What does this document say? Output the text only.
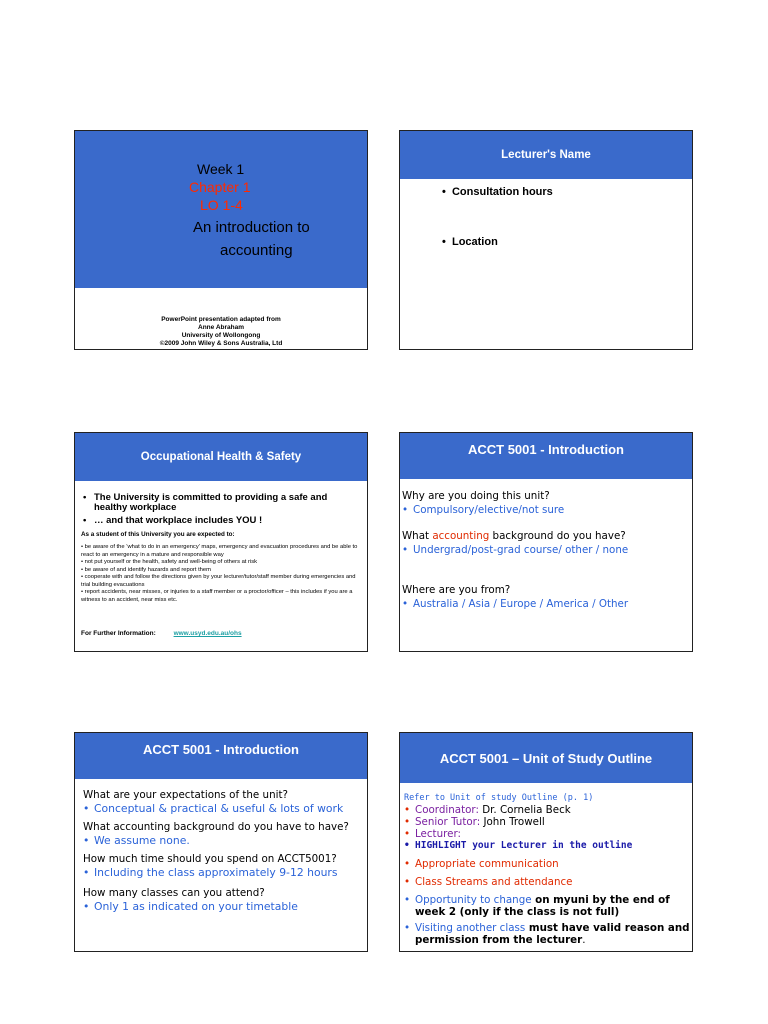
Week 1
Chapter 1
LO 1-4
An introduction to
accounting
PowerPoint presentation adapted from
Anne Abraham
University of Wollongong
©2009 John Wiley & Sons Australia, Ltd
Lecturer's Name
•  Consultation hours
•  Location
Occupational Health & Safety
• The University is committed to providing a safe and healthy workplace
• … and that workplace includes YOU !
As a student of this University you are expected to:
• be aware of the ‘what to do in an emergency’ maps, emergency and evacuation procedures and be able to react to an emergency in a mature and responsible way
• not put yourself or the health, safety and well-being of others at risk
• be aware of and identify hazards and report them
• cooperate with and follow the directions given by your lecturer/tutor/staff member during emergencies and trial building evacuations
• report accidents, near misses, or injuries to a staff member or a proctor/officer – this includes if you are a witness to an accident, near miss etc.
For Further Information:	www.usyd.edu.au/ohs
ACCT 5001 - Introduction
Why are you doing this unit?
• Compulsory/elective/not sure
What accounting background do you have?
• Undergrad/post-grad course/ other / none
Where are you from?
• Australia / Asia / Europe / America / Other
ACCT 5001 - Introduction
What are your expectations of the unit?
• Conceptual & practical & useful & lots of work
What accounting background do you have to have?
• We assume none.
How much time should you spend on ACCT5001?
• Including the class approximately 9-12 hours
How many classes can you attend?
• Only 1 as indicated on your timetable
ACCT 5001 – Unit of Study Outline
Refer to Unit of study Outline (p. 1)
• Coordinator: Dr. Cornelia Beck
• Senior Tutor: John Trowell
• Lecturer:
• HIGHLIGHT your Lecturer in the outline
• Appropriate communication
• Class Streams and attendance
• Opportunity to change on myuni by the end of week 2 (only if the class is not full)
• Visiting another class must have valid reason and permission from the lecturer.
